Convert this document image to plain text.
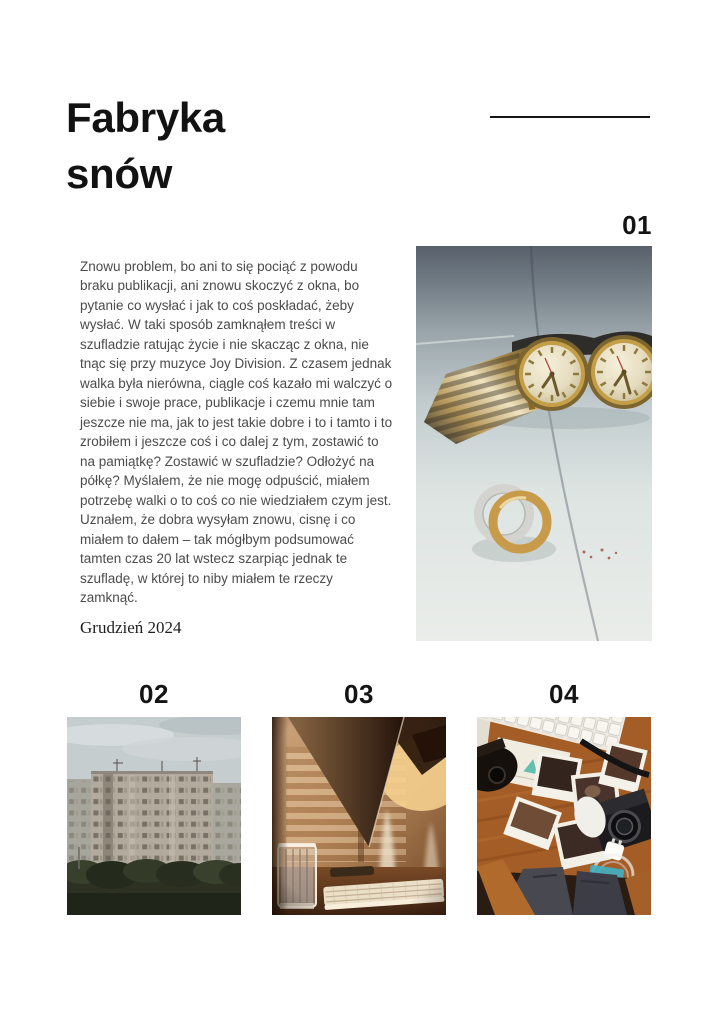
Fabryka
snów
01

Znowu problem, bo ani to się pociąć z powodu braku publikacji, ani znowu skoczyć z okna, bo pytanie co wysłać i jak to coś poskładać, żeby wysłać. W taki sposób zamknąłem treści w szufladzie ratując życie i nie skacząc z okna, nie tnąc się przy muzyce Joy Division. Z czasem jednak walka była nierówna, ciągle coś kazało mi walczyć o siebie i swoje prace, publikacje i czemu mnie tam jeszcze nie ma, jak to jest takie dobre i to i tamto i to zrobiłem i jeszcze coś i co dalej z tym, zostawić to na pamiątkę? Zostawić w szufladzie? Odłożyć na półkę? Myślałem, że nie mogę odpuścić, miałem potrzebę walki o to coś co nie wiedziałem czym jest. Uznałem, że dobra wysyłam znowu, cisnę i co miałem to dałem – tak mógłbym podsumować tamten czas 20 lat wstecz szarpiąc jednak te szufladę, w której to niby miałem te rzeczy zamknąć.

Grudzień 2024
02	03	04
